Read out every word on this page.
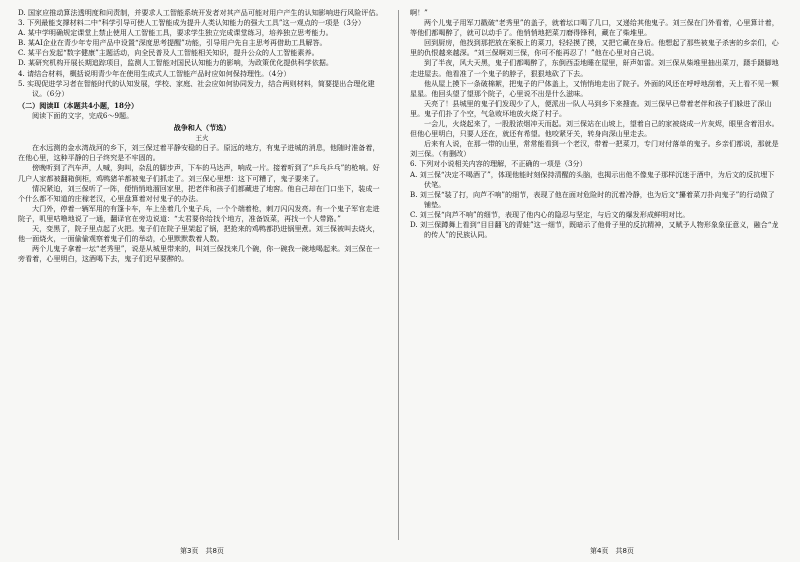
D. 国家应推动算法透明度和问责制，并要求人工智能系统开发者对其产品可能对用户产生的认知影响进行风险评估。

3. 下列最能支撑材料二中“科学引导可使人工智能成为提升人类认知能力的强大工具”这一观点的一项是（3分）

A. 某中学明确规定课堂上禁止使用人工智能工具，要求学生独立完成课堂练习，培养独立思考能力。

B. 某AI企业在青少年专用产品中设置“深度思考提醒”功能，引导用户先自主思考再借助工具解答。

C. 某平台发起“数字健康”主题活动，向全民普及人工智能相关知识，提升公众的人工智能素养。

D. 某研究机构开展长期追踪项目，监测人工智能对国民认知能力的影响，为政策优化提供科学依据。

4. 请结合材料，概括说明青少年在使用生成式人工智能产品时应如何保持理性。（4分）

5. 实现促进学习者在智能时代的认知发展，学校、家庭、社会应如何协同发力，结合两则材料，简要提出合理化建议。（6分）

（二）阅读Ⅱ（本题共4小题，18分）

阅读下面的文字，完成6～9题。

战争和人（节选）

王火

在水远测的金水湾战河的乡下，刘三保过着平静安稳的日子。原远的地方，有鬼子进城的消息，他随时准备着，在他心里，这种平静的日子终究是不牢固的。

傍晚听到了汽车声，人喊，狗叫，杂乱的脚步声，下车的马达声，响成一片。接着听到了“乒乓乒乓”的枪响。好几户人家都被翻箱倒柜，鸡鸭猪羊都被鬼子们抓走了。刘三保心里想：这下可糟了，鬼子要来了。

情况紧迫，刘三保听了一阵，便悄悄地溜回家里，把老伴和孩子们都藏进了地窖。他自己却在门口坐下，装成一个什么都不知道的庄稼老汉，心里盘算着对付鬼子的办法。

大门外，停着一辆军用的有篷卡车，车上坐着几个鬼子兵，一个个端着枪，刺刀闪闪发亮。有一个鬼子军官走进院子，叽里咕噜地说了一通，翻译官在旁边说道：“太君要你给找个地方，准备饭菜，再找一个人带路。”

天，变黑了，院子里点起了火把。鬼子们在院子里架起了锅，把抢来的鸡鸭都扔进锅里煮。刘三保被叫去烧火，他一面烧火，一面偷偷观察着鬼子们的举动，心里默默数着人数。

两个儿鬼子拿着一坛“老秀里”，说是从城里带来的，叫刘三保找来几个碗，你一碗我一碗地喝起来。刘三保在一旁看着，心里明白，这酒喝下去，鬼子们迟早要醉的。

啊！”

两个儿鬼子用军刀戳破“老秀里”的盖子，就着坛口喝了几口，又递给其他鬼子。刘三保在门外看着，心里算计着，等他们都喝醉了，就可以动手了。他悄悄地把菜刀磨得锋利，藏在了柴堆里。

回到厨房，他找到那把放在案板上的菜刀，轻轻摸了摸，又把它藏在身后。他想起了那些被鬼子杀害的乡亲们，心里的仇恨越来越深。“刘三保啊刘三保，你可不能再忍了！”他在心里对自己说。

到了半夜，风大天黑，鬼子们都喝醉了，东倒西歪地睡在屋里，鼾声如雷。刘三保从柴堆里抽出菜刀，蹑手蹑脚地走进屋去。他看准了一个鬼子的脖子，狠狠地砍了下去。

他从屋上摸下一条破棉絮，把鬼子的尸体盖上，又悄悄地走出了院子。外面的风还在呼呼地刮着，天上看不见一颗星星。他回头望了望那个院子，心里说不出是什么滋味。

天亮了！县城里的鬼子们发现少了人，便派出一队人马到乡下来搜查。刘三保早已带着老伴和孩子们躲进了深山里。鬼子们扑了个空，气急败坏地放火烧了村子。

一会儿，火烧起来了，一股股浓烟冲天而起。刘三保站在山坡上，望着自己的家被烧成一片灰烬，眼里含着泪水。但他心里明白，只要人还在，就还有希望。他咬紧牙关，转身向深山里走去。

后来有人说，在那一带的山里，常常能看到一个老汉，带着一把菜刀，专门对付落单的鬼子。乡亲们都说，那就是刘三保。（有删改）

6. 下列对小说相关内容的理解，不正确的一项是（3分）

A. 刘三保“决定不喝酒了”，体现他能时刻保持清醒的头脑，也揭示出他不像鬼子那样沉迷于酒中，为后文的反抗埋下伏笔。

B. 刘三保“装了打，向芦不响”的细节，表现了他在面对危险时的沉着冷静，也为后文“攥着菜刀扑向鬼子”的行动做了铺垫。

C. 刘三保“向芦不响”的细节，表现了他内心的隐忍与坚定，与后文的爆发形成鲜明对比。

D. 刘三保蹲舞上看到“目目翻飞的青蛙”这一细节，既暗示了他骨子里的反抗精神，又赋予人物形象象征意义，融合“龙的传人”的民族认同。

第3页　共8页	第4页　共8页
